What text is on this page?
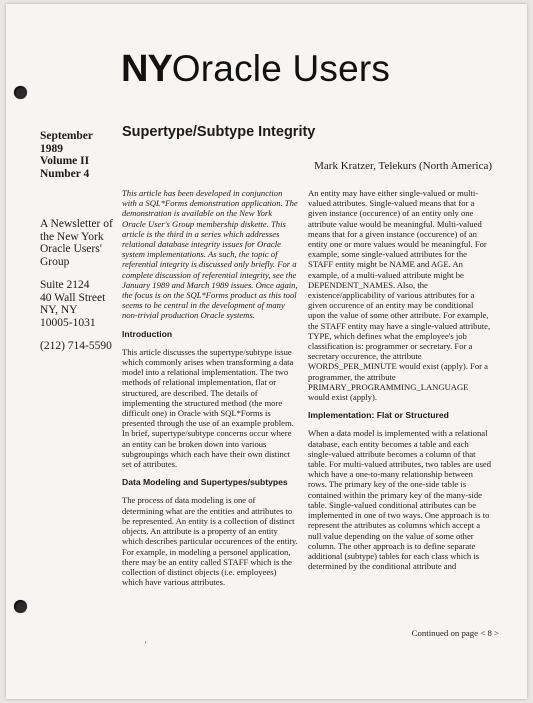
NYOracle Users
September
1989
Volume II
Number 4
A Newsletter of the New York Oracle Users' Group
Suite 2124
40 Wall Street
NY, NY
10005-1031
(212) 714-5590
Supertype/Subtype Integrity
Mark Kratzer, Telekurs (North America)

This article has been developed in conjunction with a SQL*Forms demonstration application. The demonstration is available on the New York Oracle User's Group membership diskette. This article is the third in a series which addresses relational database integrity issues for Oracle system implementations. As such, the topic of referential integrity is discussed only briefly. For a complete discussion of referential integrity, see the January 1989 and March 1989 issues. Once again, the focus is on the SQL*Forms product as this tool seems to be central in the development of many non-trivial production Oracle systems.

Introduction

This article discusses the supertype/subtype issue which commonly arises when transforming a data model into a relational implementation. The two methods of relational implementation, flat or structured, are described. The details of implementing the structured method (the more difficult one) in Oracle with SQL*Forms is presented through the use of an example problem. In brief, supertype/subtype concerns occur where an entity can be broken down into various subgroupings which each have their own distinct set of attributes.

Data Modeling and Supertypes/subtypes

The process of data modeling is one of determining what are the entities and attributes to be represented. An entity is a collection of distinct objects. An attribute is a property of an entity which describes particular occurences of the entity. For example, in modeling a personel application, there may be an entity called STAFF which is the collection of distinct objects (i.e. employees) which have various attributes.

An entity may have either single-valued or multi-valued attributes. Single-valued means that for a given instance (occurence) of an entity only one attribute value would be meaningful. Multi-valued means that for a given instance (occurence) of an entity one or more values would be meaningful. For example, some single-valued attributes for the STAFF entity might be NAME and AGE. An example, of a multi-valued attribute might be DEPENDENT_NAMES. Also, the existence/applicability of various attributes for a given occurence of an entity may be conditional upon the value of some other attribute. For example, the STAFF entity may have a single-valued attribute, TYPE, which defines what the employee's job classification is: programmer or secretary. For a secretary occurence, the attribute WORDS_PER_MINUTE would exist (apply). For a programmer, the attribute PRIMARY_PROGRAMMING_LANGUAGE would exist (apply).

Implementation: Flat or Structured

When a data model is implemented with a relational database, each entity becomes a table and each single-valued attribute becomes a column of that table. For multi-valued attributes, two tables are used which have a one-to-many relationship between rows. The primary key of the one-side table is contained within the primary key of the many-side table. Single-valued conditional attributes can be implemented in one of two ways. One approach is to represent the attributes as columns which accept a null value depending on the value of some other column. The other approach is to define separate additional (subtype) tables for each class which is determined by the conditional attribute and

Continued on page < 8 >
'
